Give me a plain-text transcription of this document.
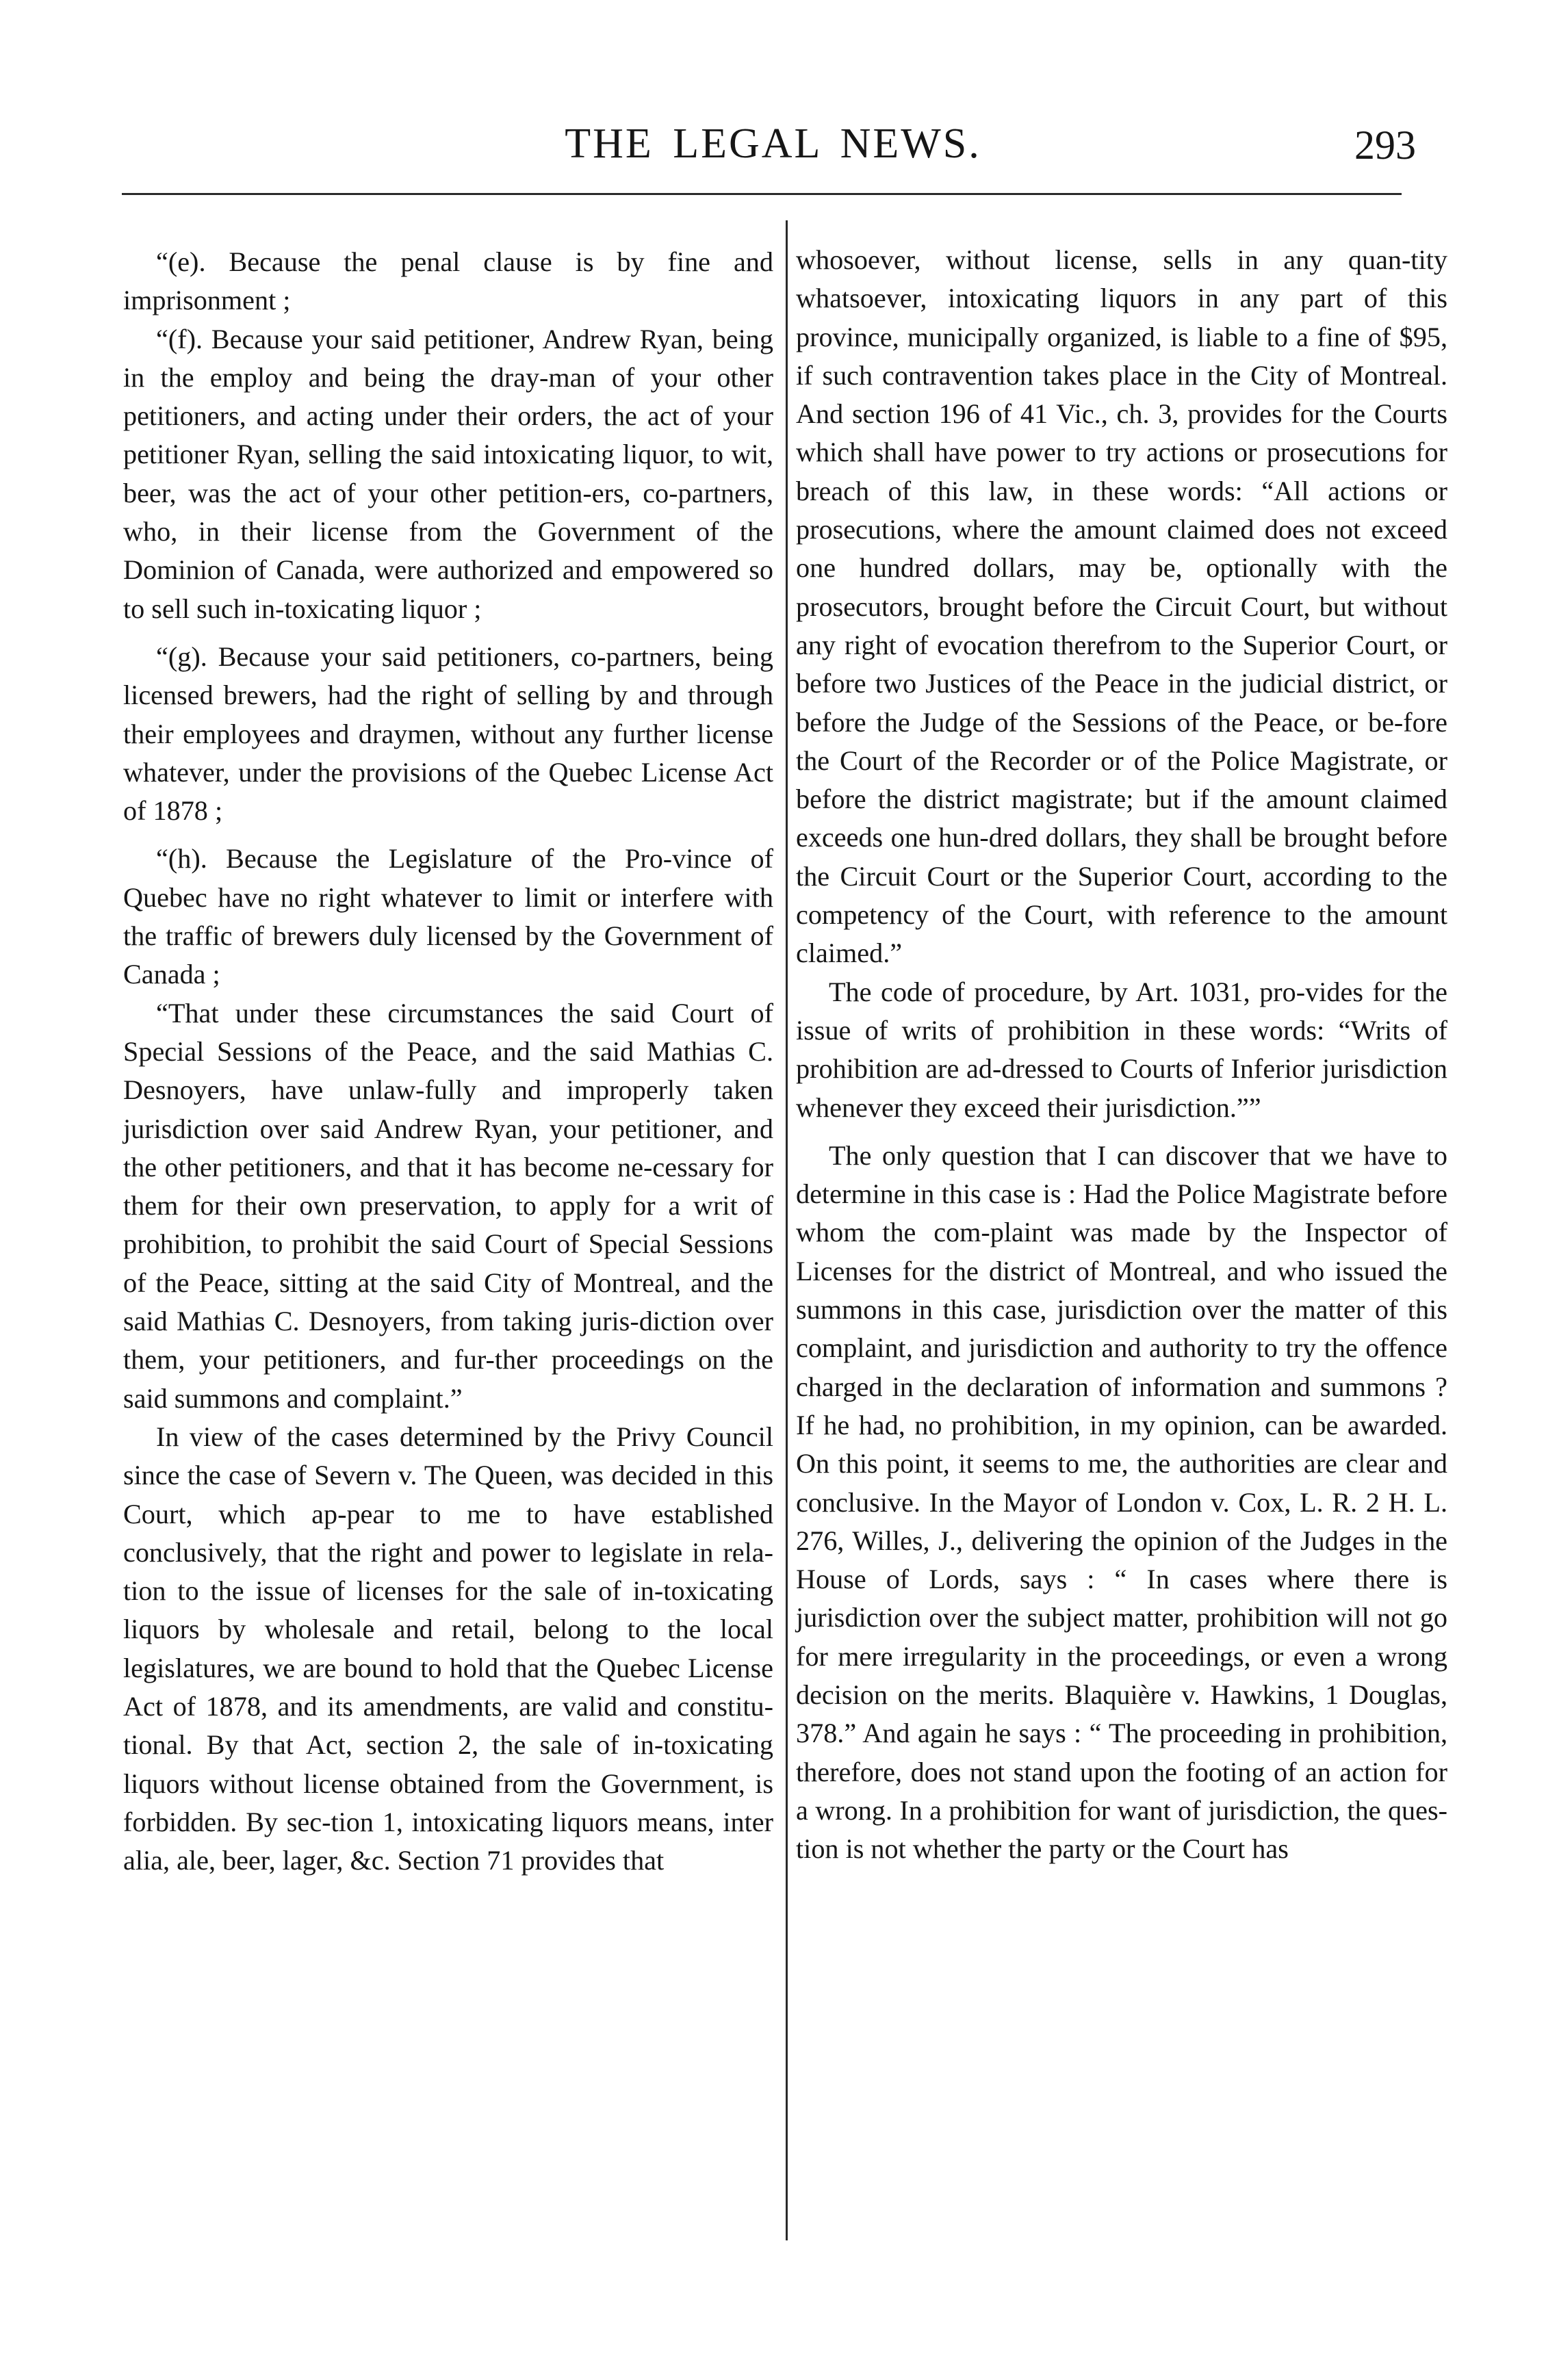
THE LEGAL NEWS.	293

“(e). Because the penal clause is by fine and imprisonment ;

“(f). Because your said petitioner, Andrew Ryan, being in the employ and being the dray-man of your other petitioners, and acting under their orders, the act of your petitioner Ryan, selling the said intoxicating liquor, to wit, beer, was the act of your other petition-ers, co-partners, who, in their license from the Government of the Dominion of Canada, were authorized and empowered so to sell such in-toxicating liquor ;

“(g). Because your said petitioners, co-partners, being licensed brewers, had the right of selling by and through their employees and draymen, without any further license whatever, under the provisions of the Quebec License Act of 1878 ;

“(h). Because the Legislature of the Pro-vince of Quebec have no right whatever to limit or interfere with the traffic of brewers duly licensed by the Government of Canada ;

“That under these circumstances the said Court of Special Sessions of the Peace, and the said Mathias C. Desnoyers, have unlaw-fully and improperly taken jurisdiction over said Andrew Ryan, your petitioner, and the other petitioners, and that it has become ne-cessary for them for their own preservation, to apply for a writ of prohibition, to prohibit the said Court of Special Sessions of the Peace, sitting at the said City of Montreal, and the said Mathias C. Desnoyers, from taking juris-diction over them, your petitioners, and fur-ther proceedings on the said summons and complaint.”

In view of the cases determined by the Privy Council since the case of Severn v. The Queen, was decided in this Court, which ap-pear to me to have established conclusively, that the right and power to legislate in rela-tion to the issue of licenses for the sale of in-toxicating liquors by wholesale and retail, belong to the local legislatures, we are bound to hold that the Quebec License Act of 1878, and its amendments, are valid and constitu-tional. By that Act, section 2, the sale of in-toxicating liquors without license obtained from the Government, is forbidden. By sec-tion 1, intoxicating liquors means, inter alia, ale, beer, lager, &c. Section 71 provides that

whosoever, without license, sells in any quan-tity whatsoever, intoxicating liquors in any part of this province, municipally organized, is liable to a fine of $95, if such contravention takes place in the City of Montreal. And section 196 of 41 Vic., ch. 3, provides for the Courts which shall have power to try actions or prosecutions for breach of this law, in these words: “All actions or prosecutions, where the amount claimed does not exceed one hundred dollars, may be, optionally with the prosecutors, brought before the Circuit Court, but without any right of evocation therefrom to the Superior Court, or before two Justices of the Peace in the judicial district, or before the Judge of the Sessions of the Peace, or be-fore the Court of the Recorder or of the Police Magistrate, or before the district magistrate; but if the amount claimed exceeds one hun-dred dollars, they shall be brought before the Circuit Court or the Superior Court, according to the competency of the Court, with reference to the amount claimed.”

The code of procedure, by Art. 1031, pro-vides for the issue of writs of prohibition in these words: “Writs of prohibition are ad-dressed to Courts of Inferior jurisdiction whenever they exceed their jurisdiction.””

The only question that I can discover that we have to determine in this case is : Had the Police Magistrate before whom the com-plaint was made by the Inspector of Licenses for the district of Montreal, and who issued the summons in this case, jurisdiction over the matter of this complaint, and jurisdiction and authority to try the offence charged in the declaration of information and summons ? If he had, no prohibition, in my opinion, can be awarded. On this point, it seems to me, the authorities are clear and conclusive. In the Mayor of London v. Cox, L. R. 2 H. L. 276, Willes, J., delivering the opinion of the Judges in the House of Lords, says : “ In cases where there is jurisdiction over the subject matter, prohibition will not go for mere irregularity in the proceedings, or even a wrong decision on the merits. Blaquière v. Hawkins, 1 Douglas, 378.” And again he says : “ The proceeding in prohibition, therefore, does not stand upon the footing of an action for a wrong. In a prohibition for want of jurisdiction, the ques-tion is not whether the party or the Court has
